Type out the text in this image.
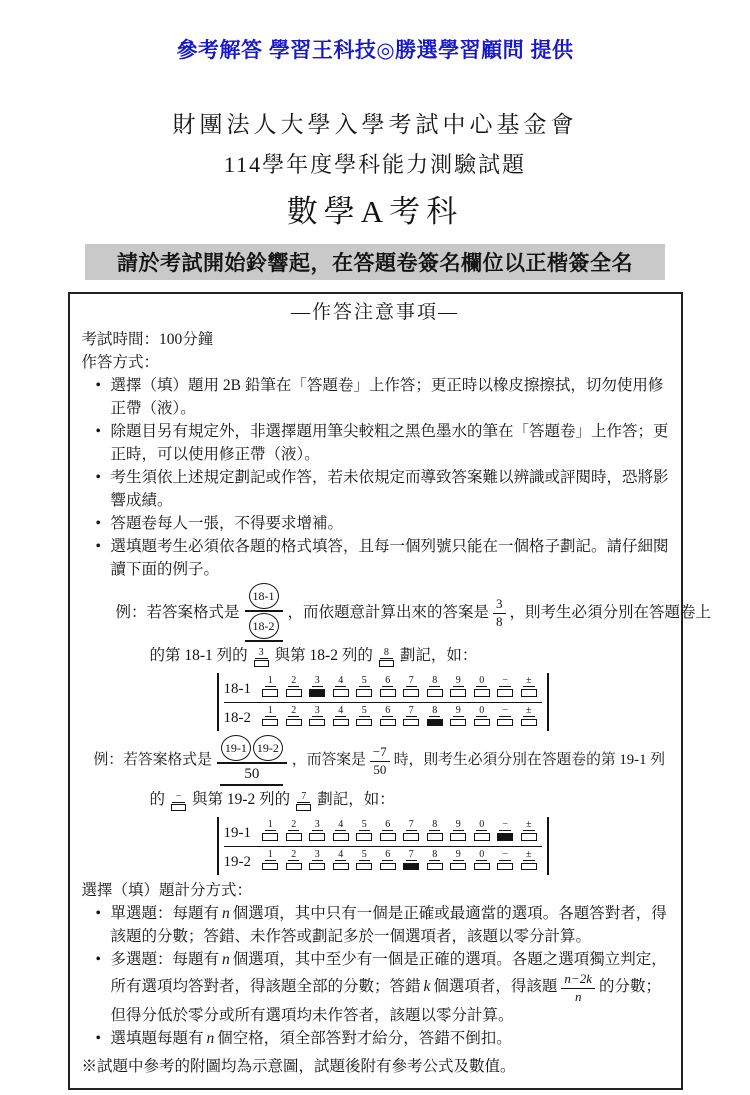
參考解答 學習王科技◎勝選學習顧問 提供
財團法人大學入學考試中心基金會
114學年度學科能力測驗試題
數學A考科
請於考試開始鈴響起，在答題卷簽名欄位以正楷簽全名
—作答注意事項—
考試時間：100分鐘
作答方式：
• 選擇（填）題用 2B 鉛筆在「答題卷」上作答；更正時以橡皮擦擦拭，切勿使用修正帶（液）。
• 除題目另有規定外，非選擇題用筆尖較粗之黑色墨水的筆在「答題卷」上作答；更正時，可以使用修正帶（液）。
• 考生須依上述規定劃記或作答，若未依規定而導致答案難以辨識或評閱時，恐將影響成績。
• 答題卷每人一張，不得要求增補。
• 選填題考生必須依各題的格式填答，且每一個列號只能在一個格子劃記。請仔細閱讀下面的例子。
例：若答案格式是
18-1
18-2
，而依題意計算出來的答案是 $\frac{3}{8}$ ，則考生必須分別在答題卷上
的第 18-1 列的	3 與第 18-2 列的	8 劃記，如：
18-1	1	2	3	4	5	6	7	8	9	0	−	±
18-2	1	2	3	4	5	6	7	8	9	0	−	±
例：若答案格式是
19-1 19-2
50
，而答案是 $\frac{-7}{50}$ 時，則考生必須分別在答題卷的第 19-1 列
的	− 與第 19-2 列的	7 劃記，如：
19-1	1	2	3	4	5	6	7	8	9	0	−	±
19-2	1	2	3	4	5	6	7	8	9	0	−	±
選擇（填）題計分方式：
• 單選題：每題有 n 個選項，其中只有一個是正確或最適當的選項。各題答對者，得該題的分數；答錯、未作答或劃記多於一個選項者，該題以零分計算。
• 多選題：每題有 n 個選項，其中至少有一個是正確的選項。各題之選項獨立判定，所有選項均答對者，得該題全部的分數；答錯 k 個選項者，得該題 $\frac{n-2k}{n}$ 的分數；但得分低於零分或所有選項均未作答者，該題以零分計算。
• 選填題每題有 n 個空格，須全部答對才給分，答錯不倒扣。
※試題中參考的附圖均為示意圖，試題後附有參考公式及數值。
